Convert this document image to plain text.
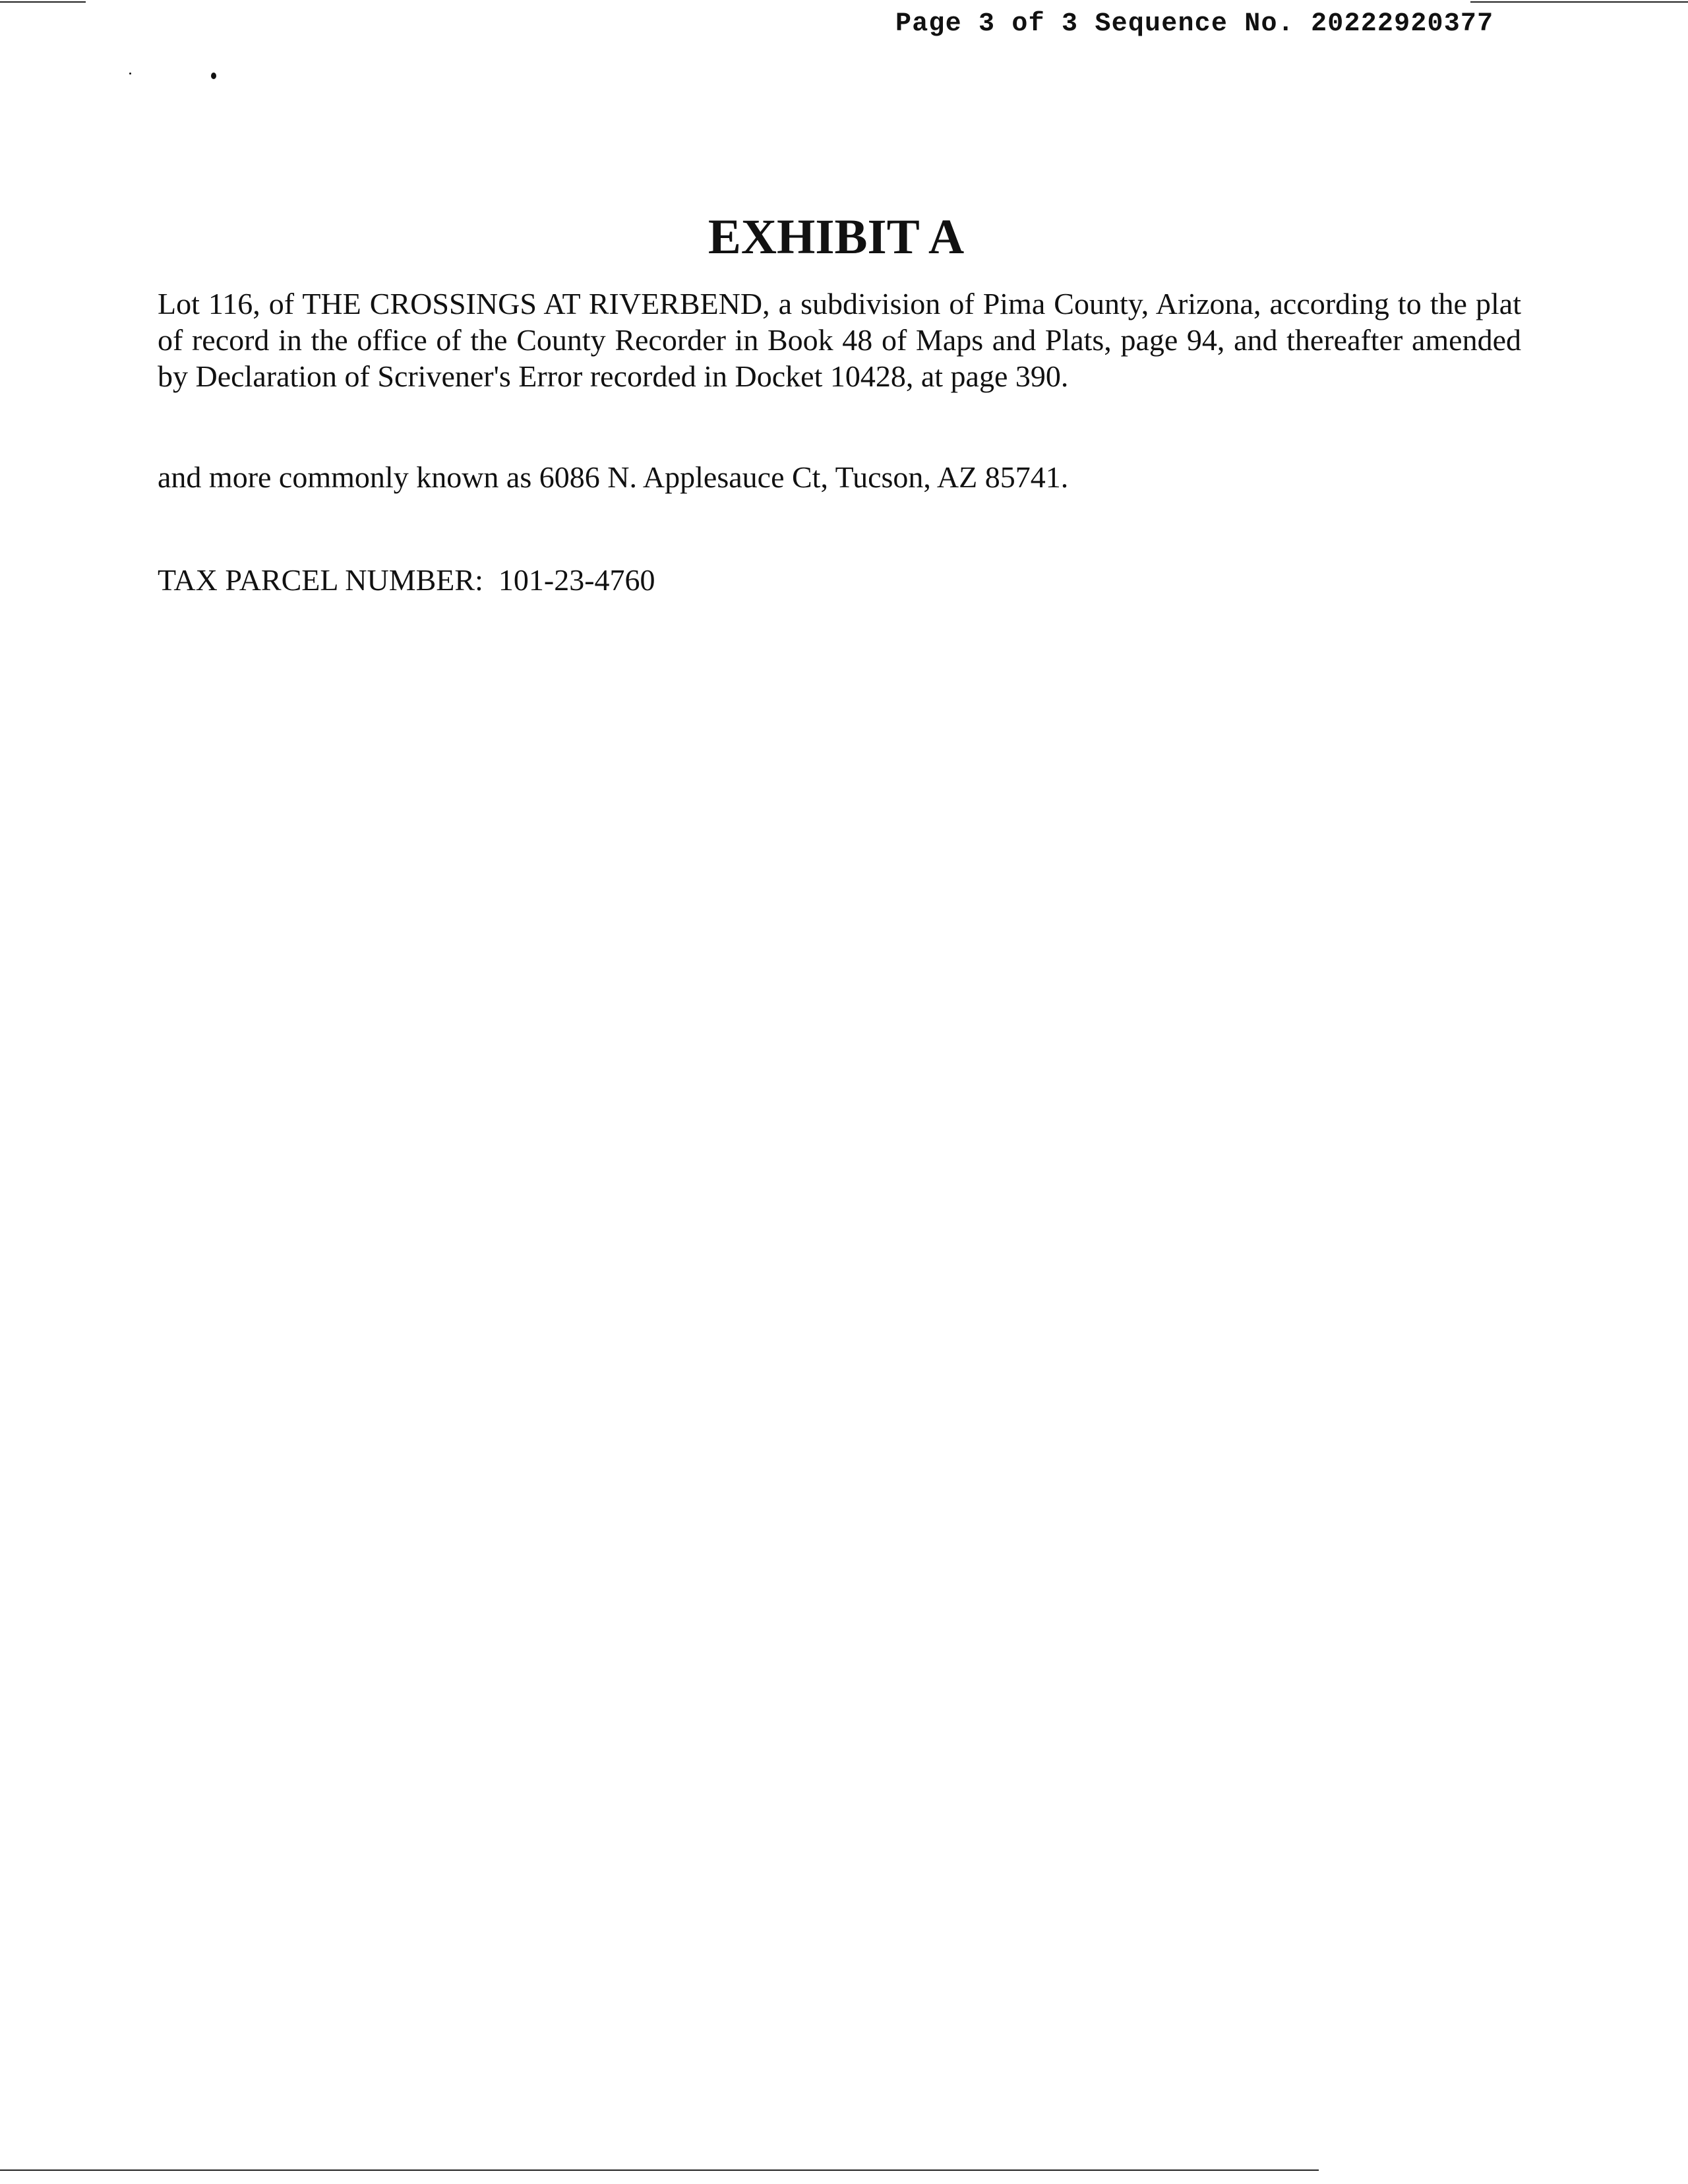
Page 3 of 3 Sequence No. 20222920377
EXHIBIT A
Lot 116, of THE CROSSINGS AT RIVERBEND, a subdivision of Pima County, Arizona, according to the plat
of record in the office of the County Recorder in Book 48 of Maps and Plats, page 94, and thereafter amended
by Declaration of Scrivener's Error recorded in Docket 10428, at page 390.

and more commonly known as 6086 N. Applesauce Ct, Tucson, AZ 85741.

TAX PARCEL NUMBER:  101-23-4760
